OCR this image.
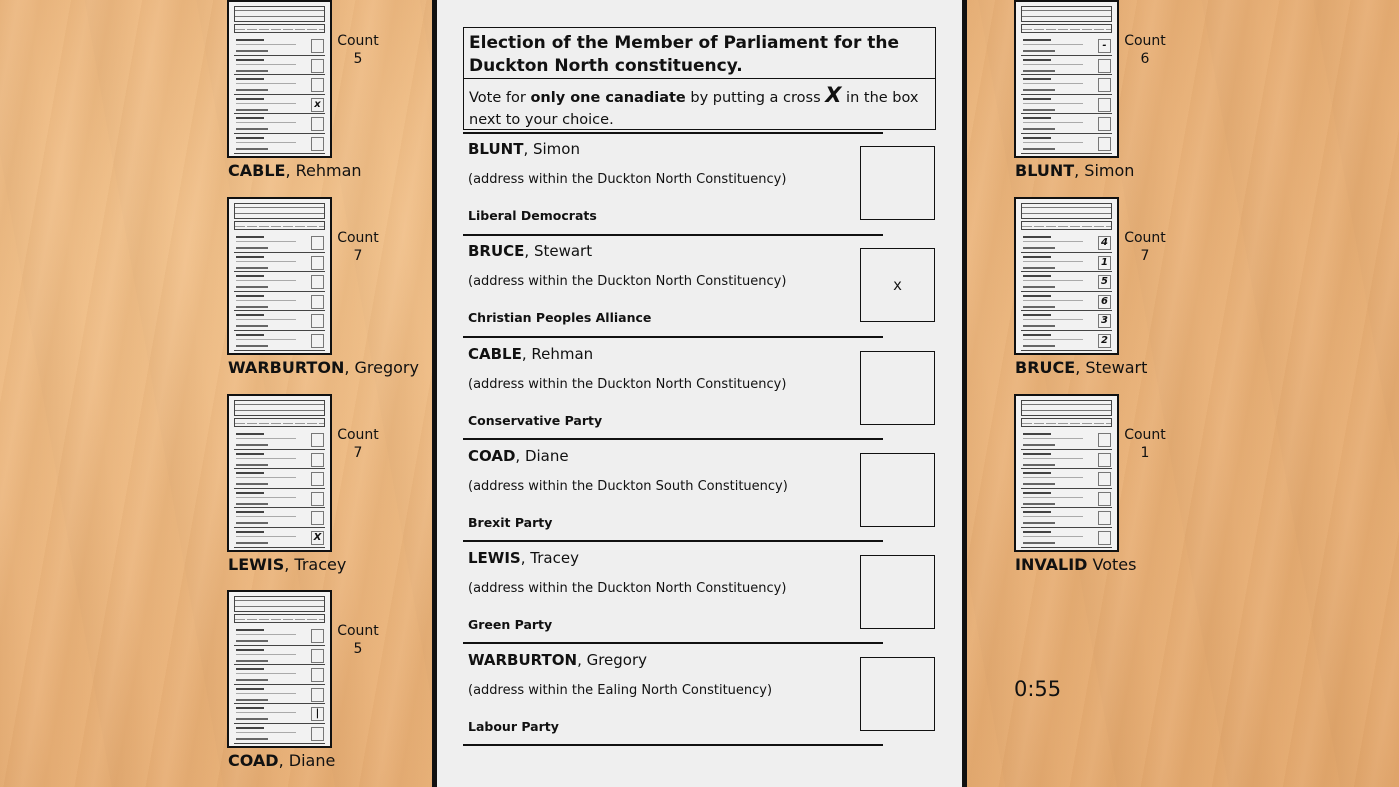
x
Count
5
CABLE, Rehman
Count
7
WARBURTON, Gregory
X
Count
7
LEWIS, Tracey
|
Count
5
COAD, Diane
-	Count
6
BLUNT, Simon
4
1
5
6
3
2
Count
7
BRUCE, Stewart
Count
1
INVALID Votes
Election of the Member of Parliament for the Duckton North constituency.
Vote for only one canadiate by putting a cross X in the box next to your choice.
BLUNT, Simon
(address within the Duckton North Constituency)
Liberal Democrats
BRUCE, Stewart
(address within the Duckton North Constituency)
Christian Peoples Alliance
x
CABLE, Rehman
(address within the Duckton North Constituency)
Conservative Party
COAD, Diane
(address within the Duckton South Constituency)
Brexit Party
LEWIS, Tracey
(address within the Duckton North Constituency)
Green Party
WARBURTON, Gregory
(address within the Ealing North Constituency)
Labour Party
0:55
